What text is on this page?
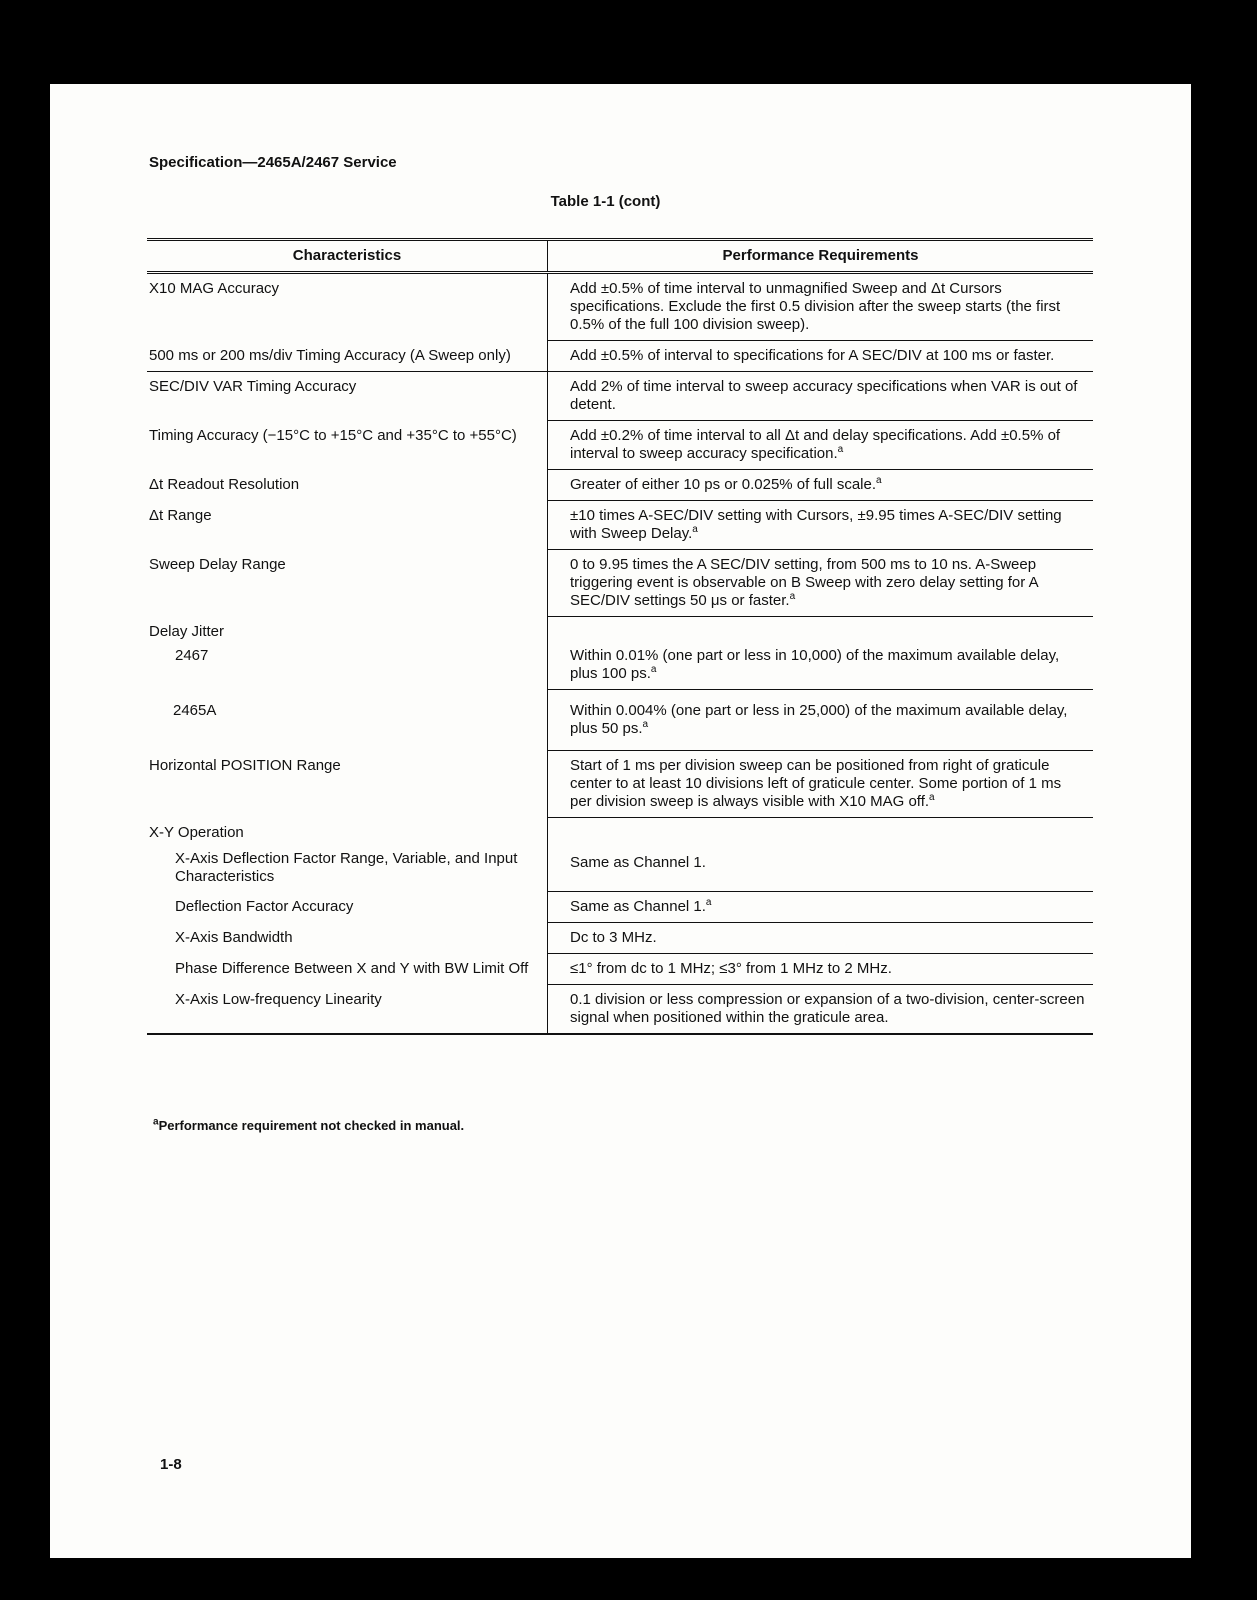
Specification—2465A/2467 Service
Table 1-1 (cont)
Characteristics	Performance Requirements
X10 MAG Accuracy	Add ±0.5% of time interval to unmagnified Sweep and Δt Cursors specifications. Exclude the first 0.5 division after the sweep starts (the first 0.5% of the full 100 division sweep).
500 ms or 200 ms/div Timing Accuracy (A Sweep only)	Add ±0.5% of interval to specifications for A SEC/DIV at 100 ms or faster.
SEC/DIV VAR Timing Accuracy	Add 2% of time interval to sweep accuracy specifications when VAR is out of detent.
Timing Accuracy (−15°C to +15°C and +35°C to +55°C)	Add ±0.2% of time interval to all Δt and delay specifications. Add ±0.5% of interval to sweep accuracy specification.$^a$
Δt Readout Resolution	Greater of either 10 ps or 0.025% of full scale.$^a$
Δt Range	±10 times A-SEC/DIV setting with Cursors, ±9.95 times A-SEC/DIV setting with Sweep Delay.$^a$
Sweep Delay Range	0 to 9.95 times the A SEC/DIV setting, from 500 ms to 10 ns. A-Sweep triggering event is observable on B Sweep with zero delay setting for A SEC/DIV settings 50 μs or faster.$^a$

Delay Jitter
2467	Within 0.01% (one part or less in 10,000) of the maximum available delay, plus 100 ps.$^a$
2465A	Within 0.004% (one part or less in 25,000) of the maximum available delay, plus 50 ps.$^a$
Horizontal POSITION Range	Start of 1 ms per division sweep can be positioned from right of graticule center to at least 10 divisions left of graticule center. Some portion of 1 ms per division sweep is always visible with X10 MAG off.$^a$

X-Y Operation
X-Axis Deflection Factor Range, Variable, and Input Characteristics	Same as Channel 1.
Deflection Factor Accuracy	Same as Channel 1.$^a$
X-Axis Bandwidth	Dc to 3 MHz.
Phase Difference Between X and Y with BW Limit Off	≤1° from dc to 1 MHz; ≤3° from 1 MHz to 2 MHz.
X-Axis Low-frequency Linearity	0.1 division or less compression or expansion of a two-division, center-screen signal when positioned within the graticule area.
$^a$Performance requirement not checked in manual.
1-8
